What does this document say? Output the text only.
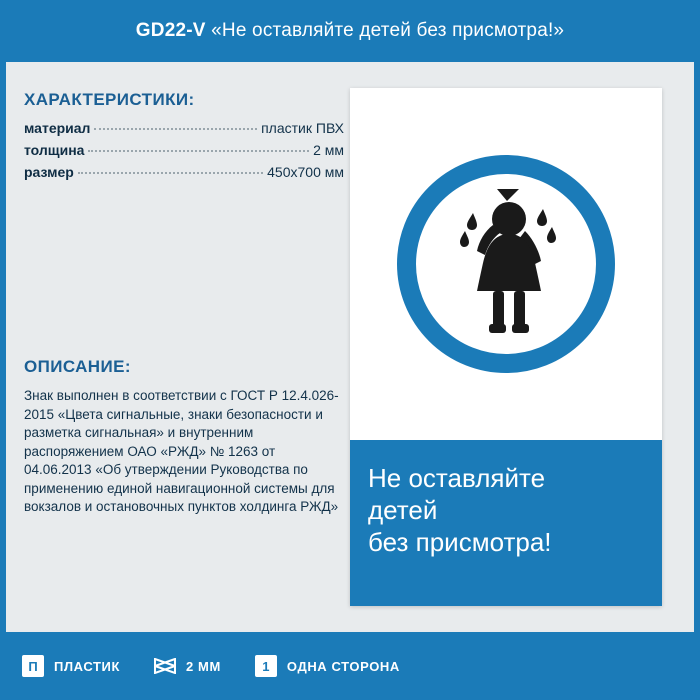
GD22-V «Не оставляйте детей без присмотра!»
ХАРАКТЕРИСТИКИ:
материал	пластик ПВХ
толщина	2 мм
размер	450х700 мм
ОПИСАНИЕ:

Знак выполнен в соответствии с ГОСТ Р 12.4.026-2015 «Цвета сигнальные, знаки безопасности и разметка сигнальная» и внутренним распоряжением ОАО «РЖД» № 1263 от 04.06.2013 «Об утверждении Руководства по применению единой навигационной системы для вокзалов и остановочных пунктов холдинга РЖД»

Не оставляйте
детей
без присмотра!
П	ПЛАСТИК	2 ММ	1	ОДНА СТОРОНА
